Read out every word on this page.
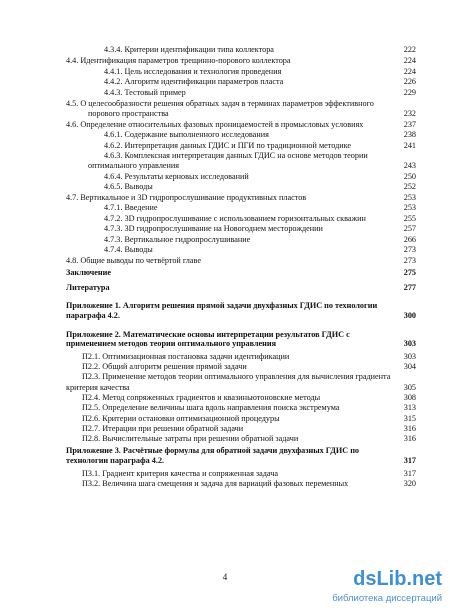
4.3.4. Критерии идентификации типа коллектора	222
4.4. Идентификация параметров трещинно-порового коллектора	224
4.4.1. Цель исследования и технология проведения	224
4.4.2. Алгоритм идентификации параметров пласта	226
4.4.3. Тестовый пример	229
4.5. О целесообразности решения обратных задач в терминах параметров эффективного
порового пространства	232
4.6. Определение относительных фазовых проницаемостей в промысловых условиях	237
4.6.1. Содержание выполненного исследования	238
4.6.2. Интерпретация данных ГДИС и ПГИ по традиционной методике	241
4.6.3. Комплексная интерпретация данных ГДИС на основе методов теории
оптимального управления	243
4.6.4. Результаты керновых исследований	250
4.6.5. Выводы	252
4.7. Вертикальное и 3D гидропрослушивание продуктивных пластов	253
4.7.1. Введение	253
4.7.2. 3D гидропрослушивание с использованием горизонтальных скважин	255
4.7.3. 3D гидропрослушивание на Новогоднем месторождении	257
4.7.3. Вертикальное гидропрослушивание	266
4.7.4. Выводы	273
4.8. Общие выводы по четвёртой главе	273
Заключение	275
Литература	277
Приложение 1. Алгоритм решения прямой задачи двухфазных ГДИС по технологии
параграфа 4.2.	300
Приложение 2. Математические основы интерпретации результатов ГДИС с
применением методов теории оптимального управления	303
П2.1. Оптимизационная постановка задачи идентификации	303
П2.2. Общий алгоритм решения прямой задачи	304
П2.3. Применение методов теории оптимального управления для вычисления градиента
критерия качества	305
П2.4. Метод сопряженных градиентов и квазиньютоновские методы	308
П2.5. Определение величины шага вдоль направления поиска экстремума	313
П2.6. Критерии остановки оптимизационной процедуры	315
П2.7. Итерации при решении обратной задачи	316
П2.8. Вычислительные затраты при решении обратной задачи	316
Приложение 3. Расчётные формулы для обратной задачи двухфазных ГДИС по
технологии параграфа 4.2.	317
П3.1. Градиент критерия качества и сопряженная задача	317
П3.2. Величина шага смещения и задача для вариаций фазовых переменных	320
4	dsLib.net
библиотека диссертаций
